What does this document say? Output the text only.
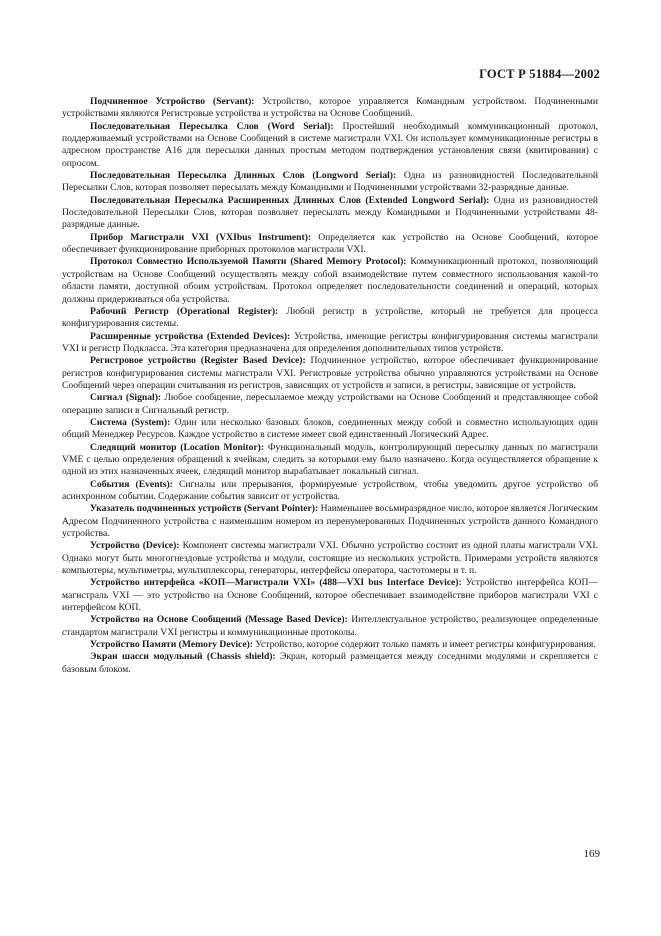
ГОСТ Р 51884—2002

Подчиненное Устройство (Servant): Устройство, которое управляется Командным устройством. Подчиненными устройствами являются Регистровые устройства и устройства на Основе Сообщений.

Последовательная Пересылка Слов (Word Serial): Простейший необходимый коммуникационный протокол, поддерживаемый устройствами на Основе Сообщений в системе магистрали VXI. Он использует коммуникационные регистры в адресном пространстве A16 для пересылки данных простым методом подтверждения установления связи (квитирования) с опросом.

Последовательная Пересылка Длинных Слов (Longword Serial): Одна из разновидностей Последовательной Пересылки Слов, которая позволяет пересылать между Командными и Подчиненными устройствами 32-разрядные данные.

Последовательная Пересылка Расширенных Длинных Слов (Extended Longword Serial): Одна из разновидностей Последовательной Пересылки Слов, которая позволяет пересылать между Командными и Подчиненными устройствами 48-разрядные данные.

Прибор Магистрали VXI (VXIbus Instrument): Определяется как устройство на Основе Сообщений, которое обеспечивает функционирование приборных протоколов магистрали VXI.

Протокол Совместно Используемой Памяти (Shared Memory Protocol): Коммуникационный протокол, позволяющий устройствам на Основе Сообщений осуществлять между собой взаимодействие путем совместного использования какой-то области памяти, доступной обоим устройствам. Протокол определяет последовательности соединений и операций, которых должны придерживаться оба устройства.

Рабочий Регистр (Operational Register): Любой регистр в устройстве, который не требуется для процесса конфигурирования системы.

Расширенные устройства (Extended Devices): Устройства, имеющие регистры конфигурирования системы магистрали VXI и регистр Подкласса. Эта категория предназначена для определения дополнительных типов устройств.

Регистровое устройство (Register Based Device): Подчиненное устройство, которое обеспечивает функционирование регистров конфигурирования системы магистрали VXI. Регистровые устройства обычно управляются устройствами на Основе Сообщений через операции считывания из регистров, зависящих от устройств и записи, в регистры, зависящие от устройств.

Сигнал (Signal): Любое сообщение, пересылаемое между устройствами на Основе Сообщений и представляющее собой операцию записи в Сигнальный регистр.

Система (System): Один или несколько базовых блоков, соединенных между собой и совместно использующих один общий Менеджер Ресурсов. Каждое устройство в системе имеет свой единственный Логический Адрес.

Следящий монитор (Location Monitor): Функциональный модуль, контролирующий пересылку данных по магистрали VME с целью определения обращений к ячейкам, следить за которыми ему было назначено. Когда осуществляется обращение к одной из этих назначенных ячеек, следящий монитор вырабатывает локальный сигнал.

События (Events): Сигналы или прерывания, формируемые устройством, чтобы уведомить другое устройство об асинхронном событии. Содержание события зависит от устройства.

Указатель подчиненных устройств (Servant Pointer): Наименьшее восьмиразрядное число, которое является Логическим Адресом Подчиненного устройства с наименьшим номером из перенумерованных Подчиненных устройств данного Командного устройства.

Устройство (Device): Компонент системы магистрали VXI. Обычно устройство состоит из одной платы магистрали VXI. Однако могут быть многогнездовые устройства и модули, состоящие из нескольких устройств. Примерами устройств являются компьютеры, мультиметры, мультиплексоры, генераторы, интерфейсы оператора, частотомеры и т. п.

Устройство интерфейса «КОП—Магистрали VXI» (488—VXI bus Interface Device): Устройство интерфейса КОП—магистраль VXI — это устройство на Основе Сообщений, которое обеспечивает взаимодействие приборов магистрали VXI с интерфейсом КОП.

Устройство на Основе Сообщений (Message Based Device): Интеллектуальное устройство, реализующее определенные стандартом магистрали VXI регистры и коммуникационные протоколы.

Устройство Памяти (Memory Device): Устройство, которое содержит только память и имеет регистры конфигурирования.

Экран шасси модульный (Chassis shield): Экран, который размещается между соседними модулями и скрепляется с базовым блоком.

169
